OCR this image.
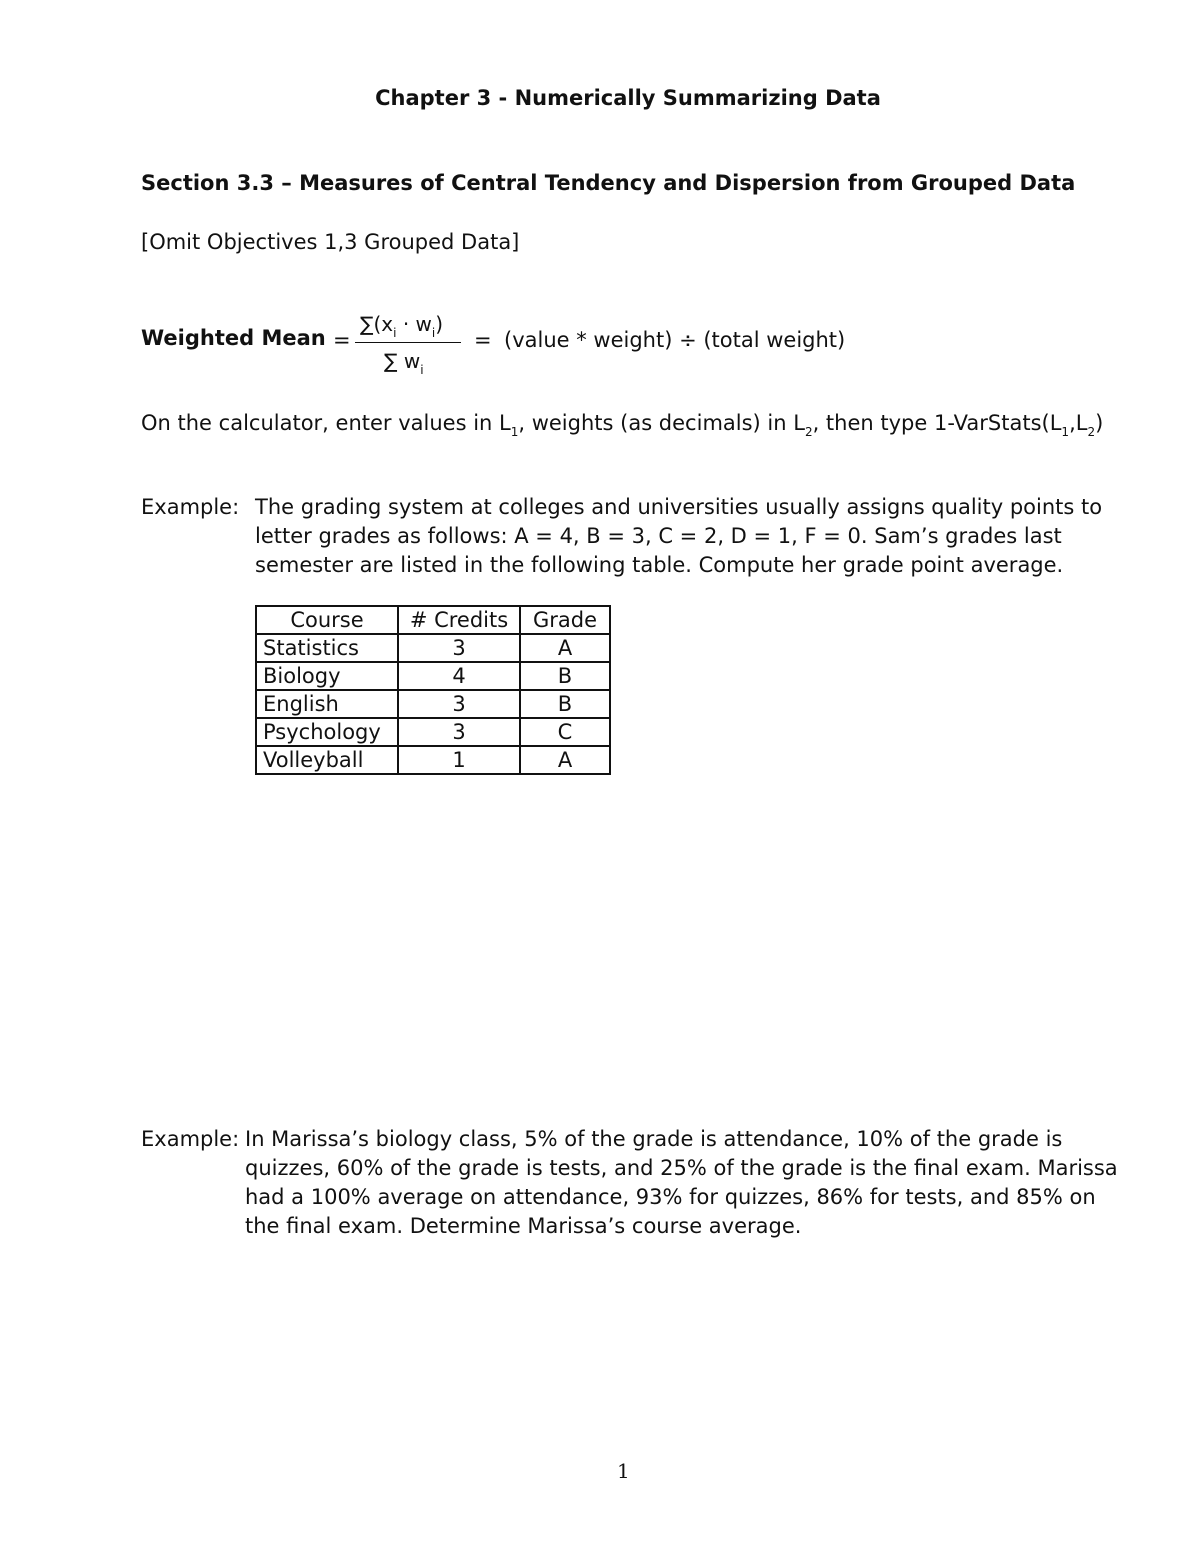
Chapter 3 - Numerically Summarizing Data
Section 3.3 – Measures of Central Tendency and Dispersion from Grouped Data
[Omit Objectives 1,3 Grouped Data]
Weighted Mean =
$\sum(x_i \cdot w_i)$
∑ $w_i$
= (value * weight) ÷ (total weight)
On the calculator, enter values in $L_1$, weights (as decimals) in $L_2$, then type $1-VarStats(L_1,L_2)$
Example: The grading system at colleges and universities usually assigns quality points to letter grades as follows: A = 4, B = 3, C = 2, D = 1, F = 0. Sam’s grades last semester are listed in the following table. Compute her grade point average.
Course	# Credits	Grade
Statistics	3	A
Biology	4	B
English	3	B
Psychology	3	C
Volleyball	1	A
Example: In Marissa’s biology class, 5% of the grade is attendance, 10% of the grade is quizzes, 60% of the grade is tests, and 25% of the grade is the final exam. Marissa had a 100% average on attendance, 93% for quizzes, 86% for tests, and 85% on the final exam. Determine Marissa’s course average.
1
